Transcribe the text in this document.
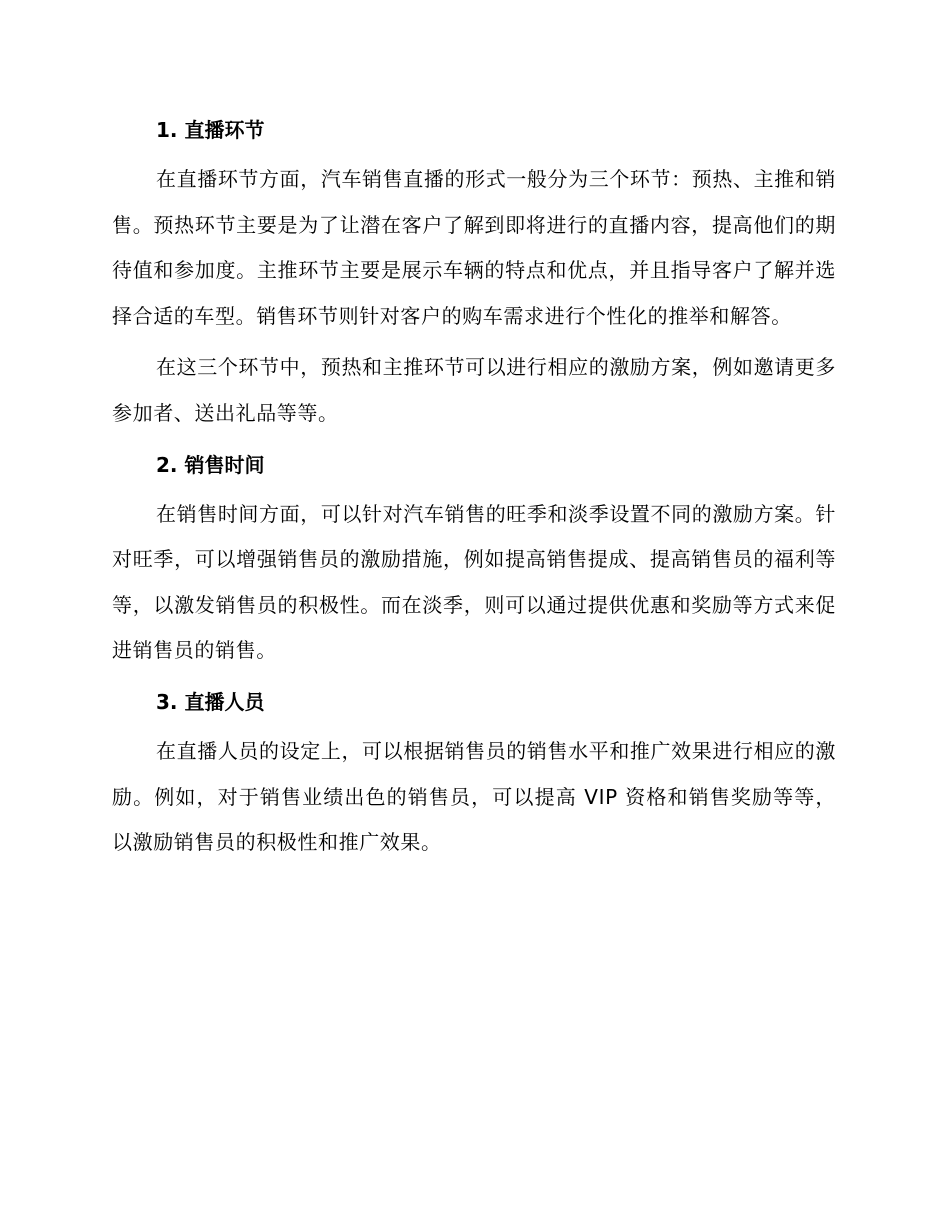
1. 直播环节

在直播环节方面，汽车销售直播的形式一般分为三个环节：预热、主推和销售。预热环节主要是为了让潜在客户了解到即将进行的直播内容，提高他们的期待值和参加度。主推环节主要是展示车辆的特点和优点，并且指导客户了解并选择合适的车型。销售环节则针对客户的购车需求进行个性化的推举和解答。

在这三个环节中，预热和主推环节可以进行相应的激励方案，例如邀请更多参加者、送出礼品等等。

2. 销售时间

在销售时间方面，可以针对汽车销售的旺季和淡季设置不同的激励方案。针对旺季，可以增强销售员的激励措施，例如提高销售提成、提高销售员的福利等等，以激发销售员的积极性。而在淡季，则可以通过提供优惠和奖励等方式来促进销售员的销售。

3. 直播人员

在直播人员的设定上，可以根据销售员的销售水平和推广效果进行相应的激励。例如，对于销售业绩出色的销售员，可以提高 VIP 资格和销售奖励等等，以激励销售员的积极性和推广效果。
